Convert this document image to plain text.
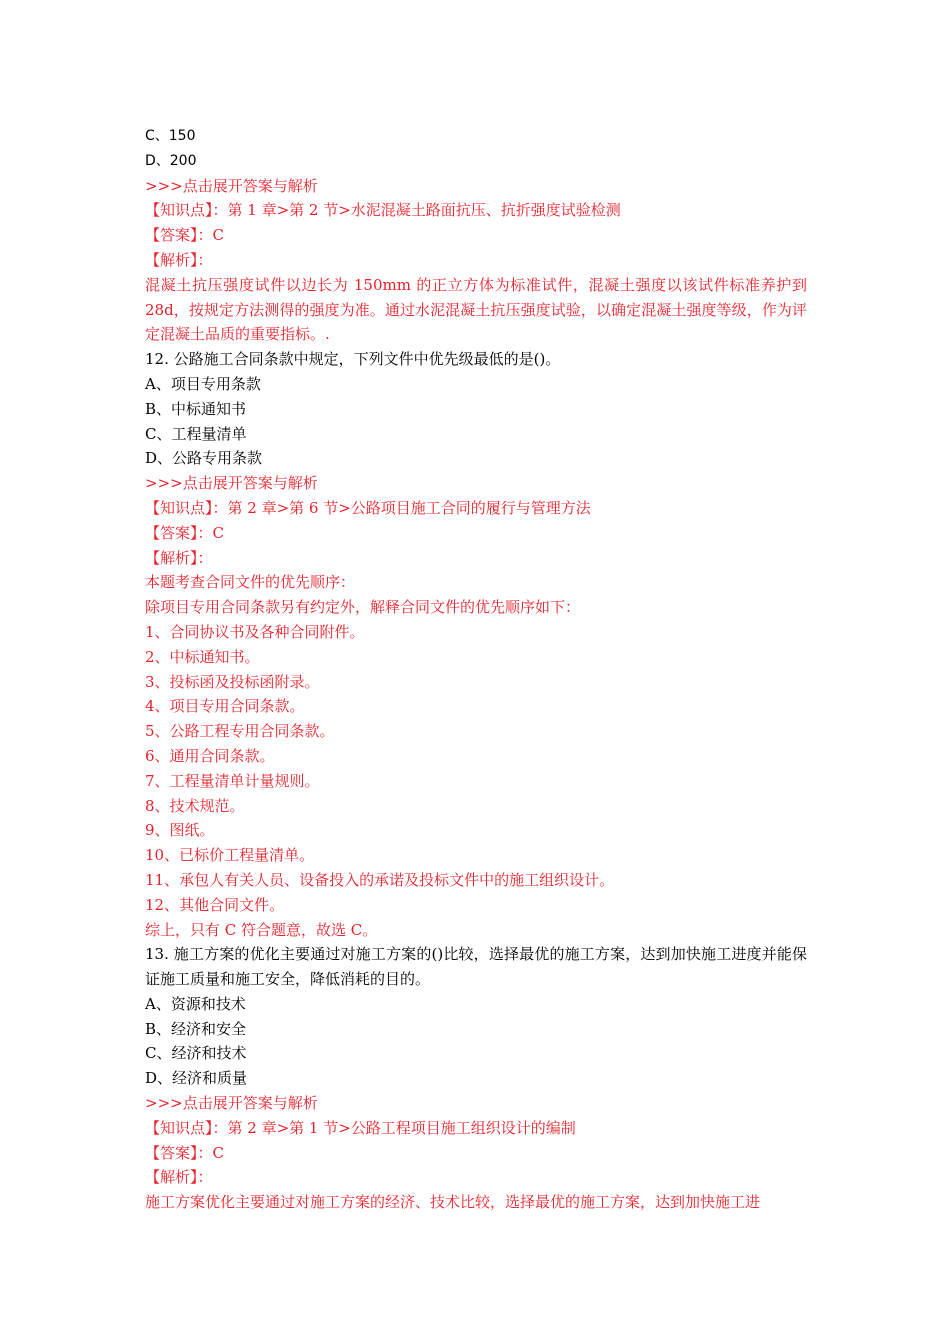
C、150
D、200
>>>点击展开答案与解析
【知识点】：第 1 章>第 2 节>水泥混凝土路面抗压、抗折强度试验检测
【答案】：C
【解析】：
混凝土抗压强度试件以边长为 150mm 的正立方体为标准试件，混凝土强度以该试件标准养护到 28d，按规定方法测得的强度为准。通过水泥混凝土抗压强度试验，以确定混凝土强度等级，作为评定混凝土品质的重要指标。.
12. 公路施工合同条款中规定，下列文件中优先级最低的是()。
A、项目专用条款
B、中标通知书
C、工程量清单
D、公路专用条款
>>>点击展开答案与解析
【知识点】：第 2 章>第 6 节>公路项目施工合同的履行与管理方法
【答案】：C
【解析】：
本题考查合同文件的优先顺序：
除项目专用合同条款另有约定外，解释合同文件的优先顺序如下：
1、合同协议书及各种合同附件。
2、中标通知书。
3、投标函及投标函附录。
4、项目专用合同条款。
5、公路工程专用合同条款。
6、通用合同条款。
7、工程量清单计量规则。
8、技术规范。
9、图纸。
10、已标价工程量清单。
11、承包人有关人员、设备投入的承诺及投标文件中的施工组织设计。
12、其他合同文件。
综上，只有 C 符合题意，故选 C。
13. 施工方案的优化主要通过对施工方案的()比较，选择最优的施工方案，达到加快施工进度并能保证施工质量和施工安全，降低消耗的目的。
A、资源和技术
B、经济和安全
C、经济和技术
D、经济和质量
>>>点击展开答案与解析
【知识点】：第 2 章>第 1 节>公路工程项目施工组织设计的编制
【答案】：C
【解析】：
施工方案优化主要通过对施工方案的经济、技术比较，选择最优的施工方案，达到加快施工进
